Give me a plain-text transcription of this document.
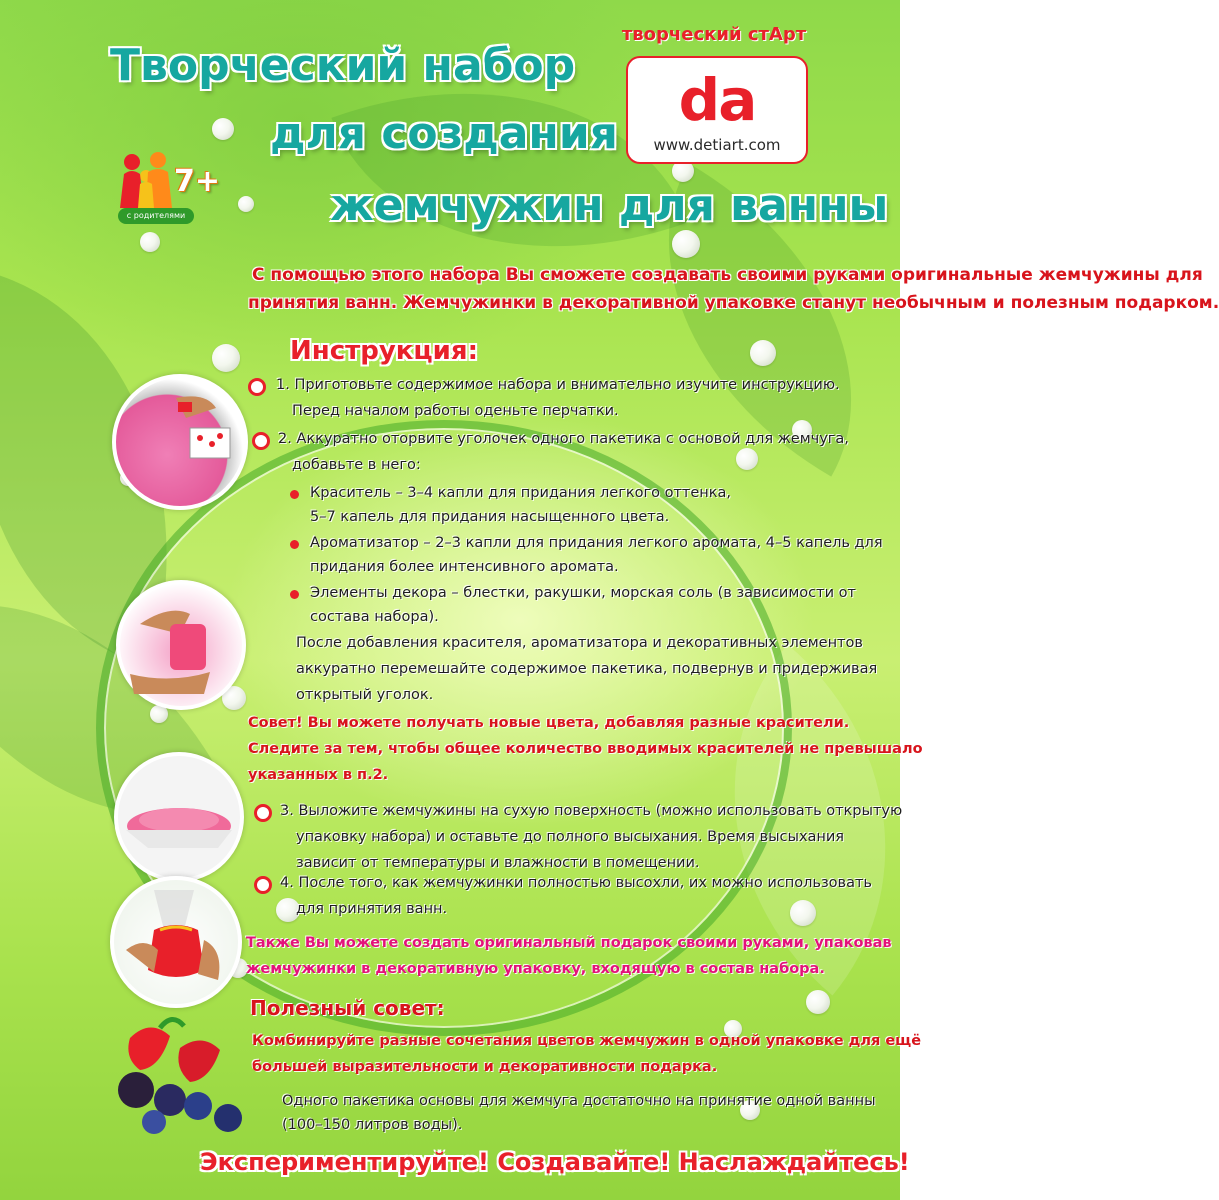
Творческий набор
для создания
жемчужин для ванны
творческий стАрт
da
www.detiart.com
7+
с родителями
С помощью этого набора Вы сможете создавать своими руками оригинальные жемчужины для
принятия ванн. Жемчужинки в декоративной упаковке станут необычным и полезным подарком.
Инструкция:
1. Приготовьте содержимое набора и внимательно изучите инструкцию.
Перед началом работы оденьте перчатки.
2. Аккуратно оторвите уголочек одного пакетика с основой для жемчуга,
добавьте в него:
Краситель – 3–4 капли для придания легкого оттенка,
5–7 капель для придания насыщенного цвета.
Ароматизатор – 2–3 капли для придания легкого аромата, 4–5 капель для
придания более интенсивного аромата.
Элементы декора – блестки, ракушки, морская соль (в зависимости от
состава набора).
После добавления красителя, ароматизатора и декоративных элементов
аккуратно перемешайте содержимое пакетика, подвернув и придерживая
открытый уголок.
Совет! Вы можете получать новые цвета, добавляя разные красители.
Следите за тем, чтобы общее количество вводимых красителей не превышало
указанных в п.2.
3. Выложите жемчужины на сухую поверхность (можно использовать открытую
упаковку набора) и оставьте до полного высыхания. Время высыхания
зависит от температуры и влажности в помещении.
4. После того, как жемчужинки полностью высохли, их можно использовать
для принятия ванн.
Также Вы можете создать оригинальный подарок своими руками, упаковав
жемчужинки в декоративную упаковку, входящую в состав набора.
Полезный совет:
Комбинируйте разные сочетания цветов жемчужин в одной упаковке для ещё
большей выразительности и декоративности подарка.
Одного пакетика основы для жемчуга достаточно на принятие одной ванны
(100–150 литров воды).
Экспериментируйте! Создавайте! Наслаждайтесь!
